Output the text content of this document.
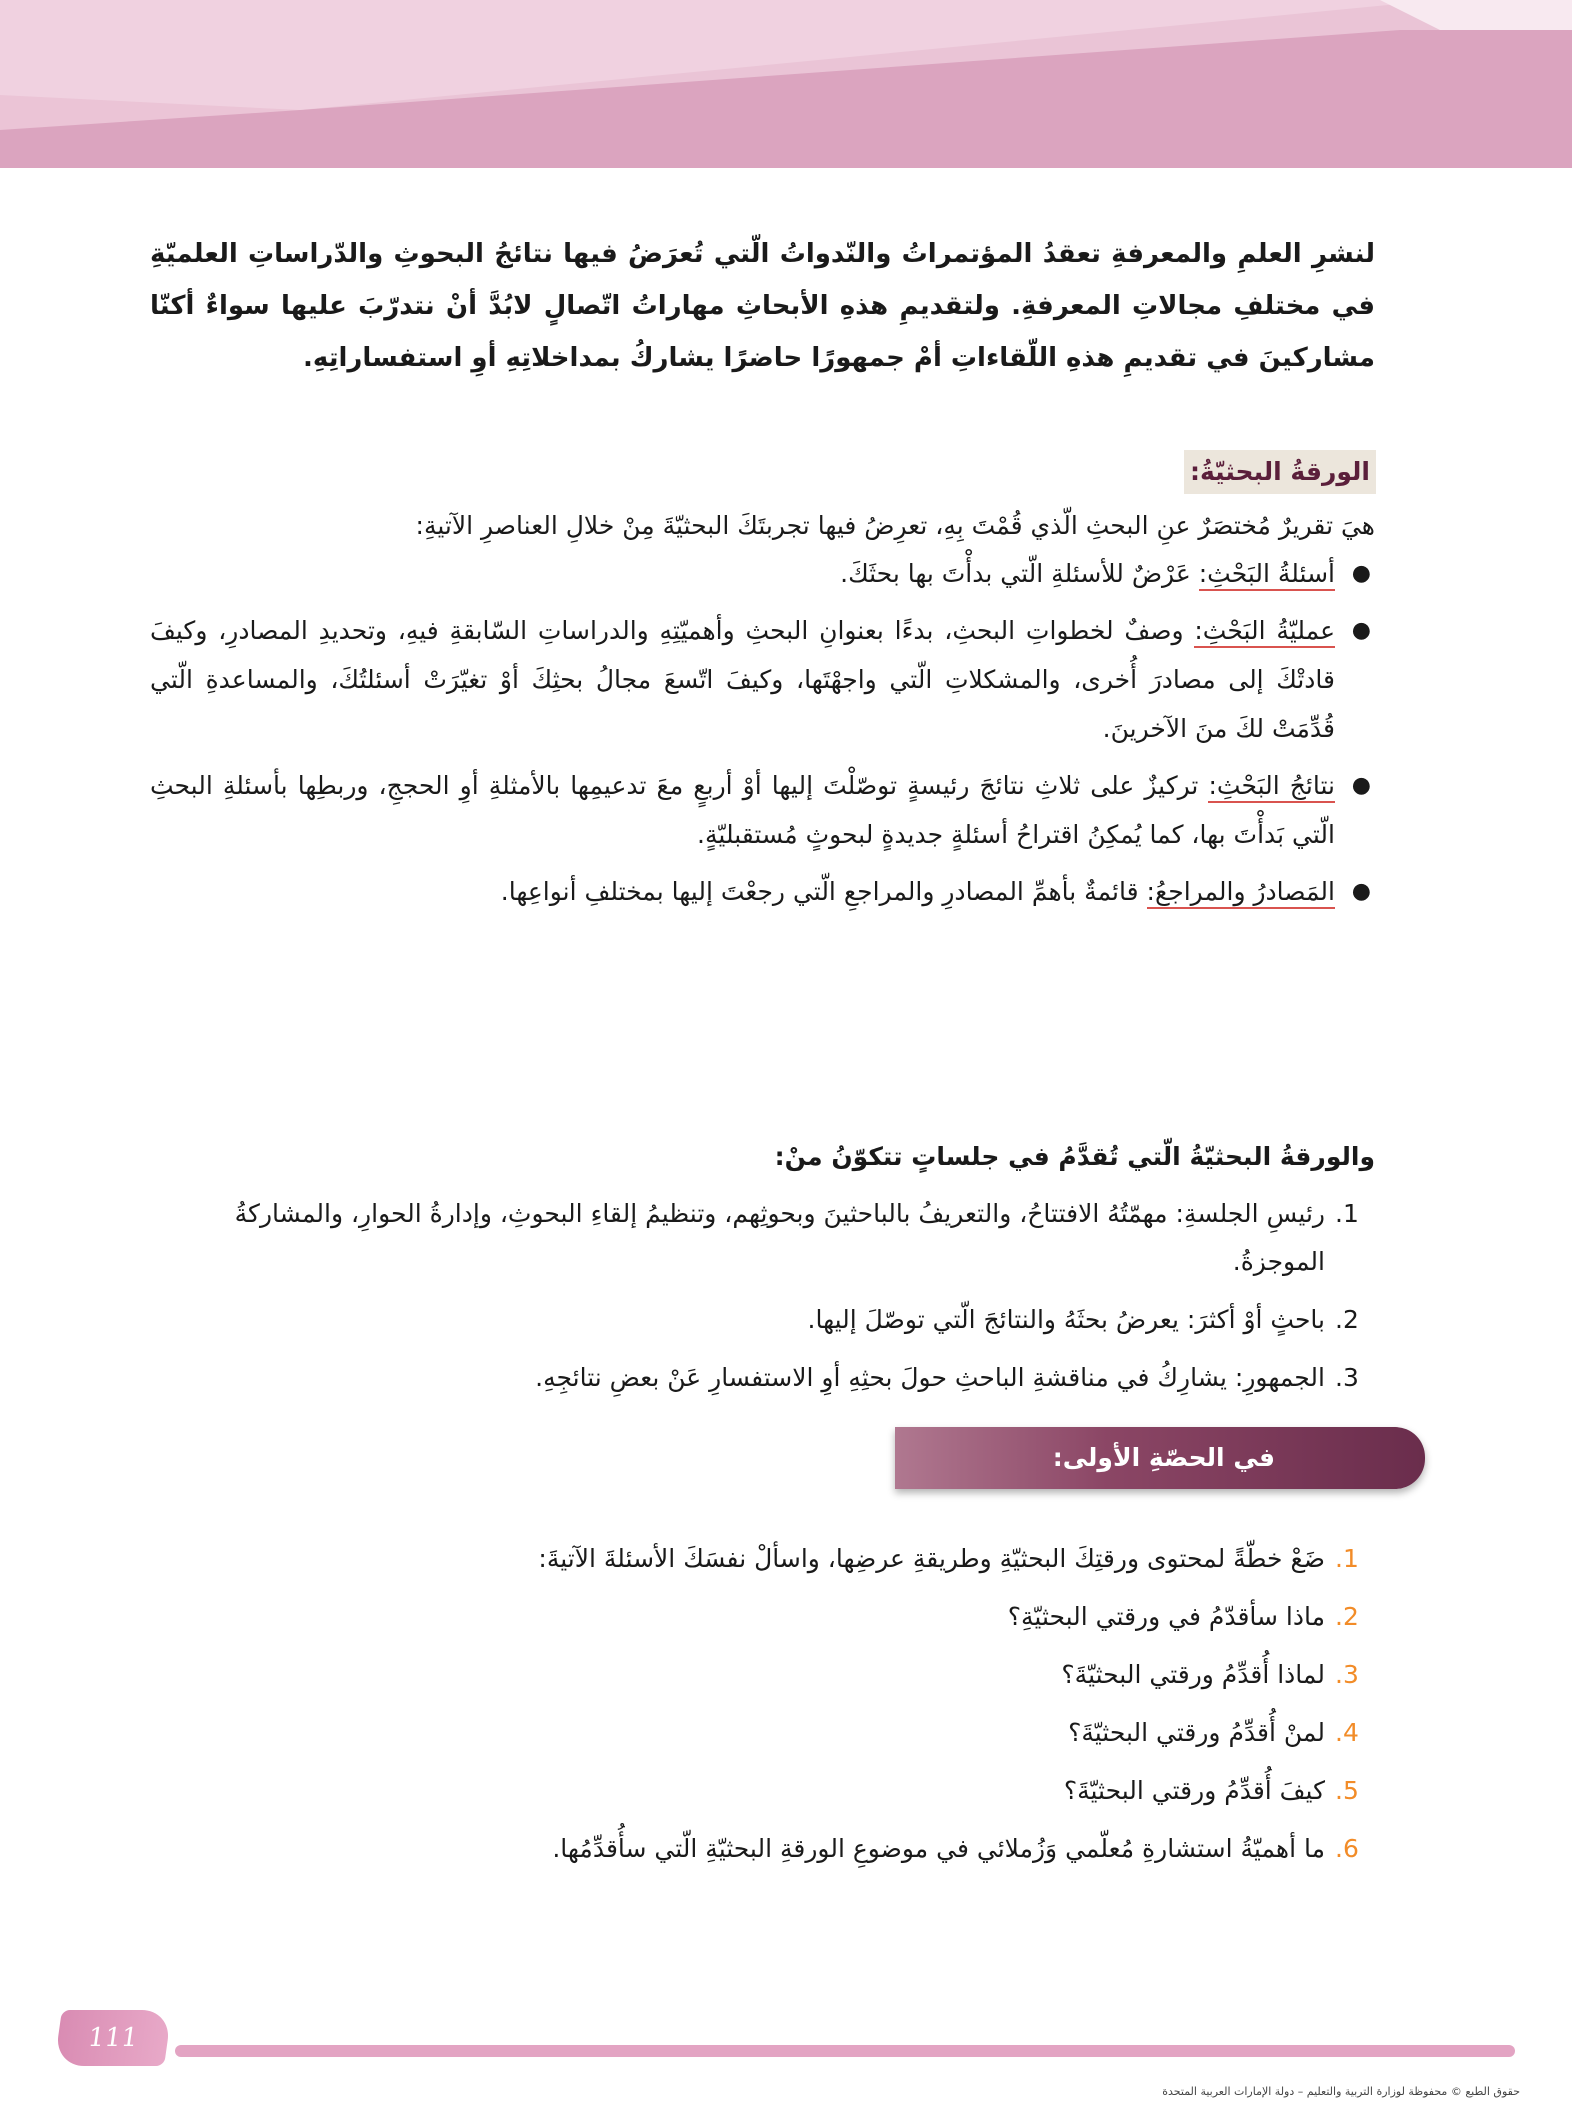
لنشرِ العلمِ والمعرفةِ تعقدُ المؤتمراتُ والنّدواتُ الّتي تُعرَضُ فيها نتائجُ البحوثِ والدّراساتِ العلميّةِ في مختلفِ مجالاتِ المعرفةِ. ولتقديمِ هذهِ الأبحاثِ مهاراتُ اتّصالٍ لابُدَّ أنْ نتدرّبَ عليها سواءٌ أكنّا مشاركينَ في تقديمِ هذهِ اللّقاءاتِ أمْ جمهورًا حاضرًا يشاركُ بمداخلاتِهِ أوِ استفساراتِهِ.
الورقةُ البحثيّةُ:
هيَ تقريرٌ مُختصَرٌ عنِ البحثِ الّذي قُمْتَ بِهِ، تعرِضُ فيها تجربتَكَ البحثيّةَ مِنْ خلالِ العناصرِ الآتيةِ:
●
أسئلةُ البَحْثِ: عَرْضٌ للأسئلةِ الّتي بدأْتَ بها بحثَكَ.
●
عمليّةُ البَحْثِ: وصفٌ لخطواتِ البحثِ، بدءًا بعنوانِ البحثِ وأهميّتِهِ والدراساتِ السّابقةِ فيهِ، وتحديدِ المصادرِ، وكيفَ قادتْكَ إلى مصادرَ أُخرى، والمشكلاتِ الّتي واجهْتَها، وكيفَ اتّسعَ مجالُ بحثِكَ أوْ تغيّرَتْ أسئلتُكَ، والمساعدةِ الّتي قُدِّمَتْ لكَ منَ الآخرينَ.
●
نتائجُ البَحْثِ: تركيزٌ على ثلاثِ نتائجَ رئيسةٍ توصّلْتَ إليها أوْ أربعٍ معَ تدعيمِها بالأمثلةِ أوِ الحججِ، وربطِها بأسئلةِ البحثِ الّتي بَدأْتَ بها، كما يُمكِنُ اقتراحُ أسئلةٍ جديدةٍ لبحوثٍ مُستقبليّةٍ.
●
المَصادرُ والمراجعُ: قائمةٌ بأهمِّ المصادرِ والمراجعِ الّتي رجعْتَ إليها بمختلفِ أنواعِها.
والورقةُ البحثيّةُ الّتي تُقدَّمُ في جلساتٍ تتكوّنُ منْ:
1.
رئيسِ الجلسةِ: مهمّتُهُ الافتتاحُ، والتعريفُ بالباحثينَ وبحوثِهم، وتنظيمُ إلقاءِ البحوثِ، وإدارةُ الحوارِ، والمشاركةُ الموجزةُ.
2.
باحثٍ أوْ أكثرَ: يعرضُ بحثَهُ والنتائجَ الّتي توصّلَ إليها.
3.
الجمهورِ: يشارِكُ في مناقشةِ الباحثِ حولَ بحثِهِ أوِ الاستفسارِ عَنْ بعضِ نتائجِهِ.
في الحصّةِ الأولى:
1.
ضَعْ خطّةً لمحتوى ورقتِكَ البحثيّةِ وطريقةِ عرضِها، واسألْ نفسَكَ الأسئلةَ الآتيةَ:
2.
ماذا سأقدّمُ في ورقتي البحثيّةِ؟
3.
لماذا أُقدِّمُ ورقتي البحثيّةَ؟
4.
لمنْ أُقدِّمُ ورقتي البحثيّةَ؟
5.
كيفَ أُقدِّمُ ورقتي البحثيّةَ؟
6.
ما أهميّةُ استشارةِ مُعلّمي وَزُملائي في موضوعِ الورقةِ البحثيّةِ الّتي سأُقدِّمُها.
111
حقوق الطبع © محفوظة لوزارة التربية والتعليم – دولة الإمارات العربية المتحدة
